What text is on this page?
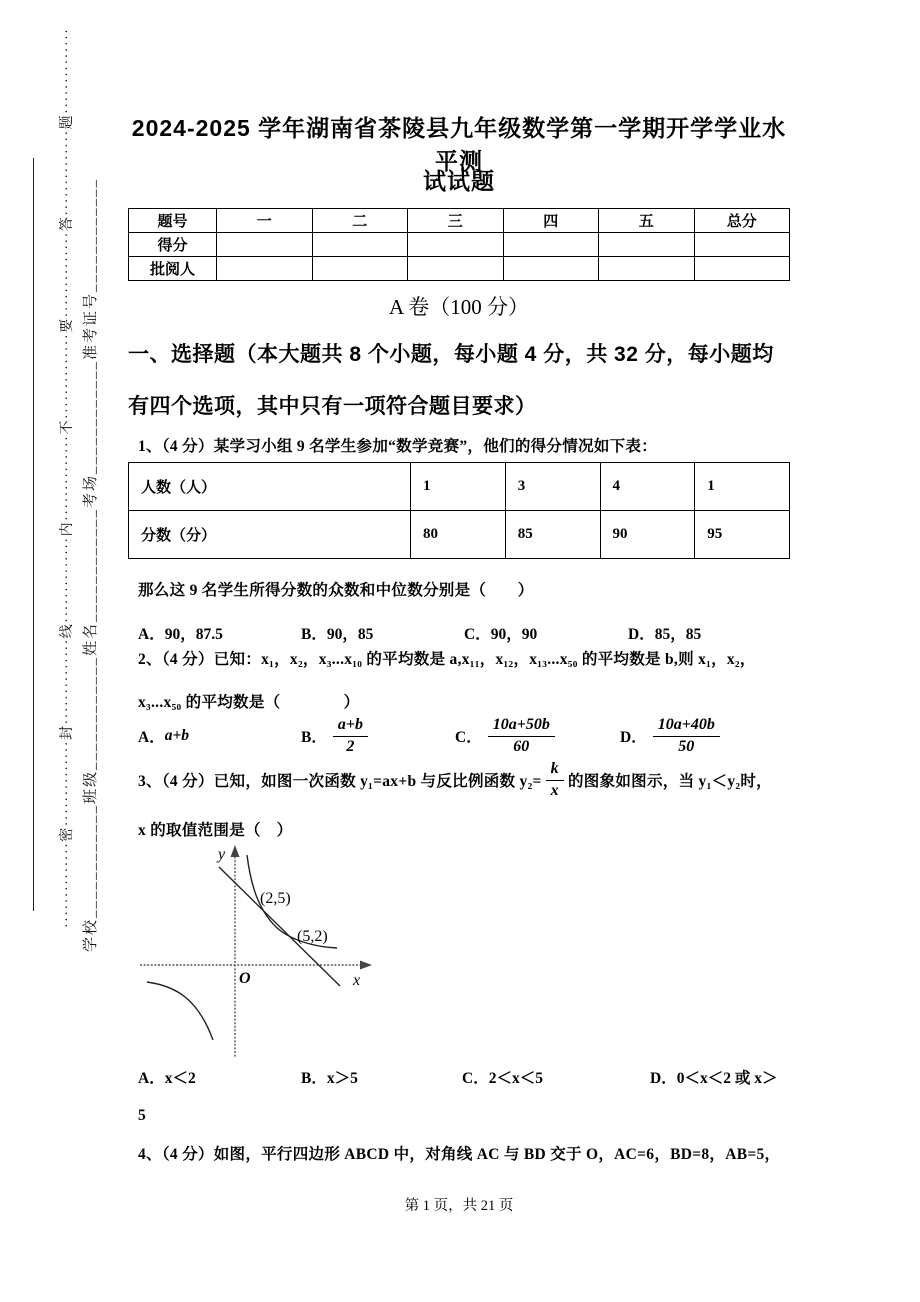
··············密··············封··············线··············内··············不··············要··············答··············题·············· 学校____________班级____________姓名____________考场____________准考证号____________
2024-2025 学年湖南省茶陵县九年级数学第一学期开学学业水平测
试试题
题号	一	二	三	四	五	总分
得分						
批阅人						
A 卷（100 分）
一、选择题（本大题共 8 个小题，每小题 4 分，共 32 分，每小题均
有四个选项，其中只有一项符合题目要求）
1、（4 分）某学习小组 9 名学生参加“数学竞赛”，他们的得分情况如下表：
人数（人）	1	3	4	1
分数（分）	80	85	90	95
那么这 9 名学生所得分数的众数和中位数分别是（　　）
A．90，87.5	B．90，85	C．90，90	D．85，85
2、（4 分）已知：x₁，x₂，x₃...x₁₀ 的平均数是 a,x₁₁，x₁₂，x₁₃...x₅₀ 的平均数是 b,则 x₁，x₂，
x₃...x₅₀ 的平均数是（　　　　）
A． a+b	B． $\frac{a+b}{2}$	C． $\frac{10a+50b}{60}$	D． $\frac{10a+40b}{50}$
3、（4 分）已知，如图一次函数 y₁=ax+b 与反比例函数 $y_2= \frac{k}{x}$ 的图象如图示，当 y₁＜y₂时，
x 的取值范围是（　）
y
x
O
(2,5)
(5,2)
A．x＜2	B．x＞5	C．2＜x＜5	D．0＜x＜2 或 x＞
5
4、（4 分）如图，平行四边形 ABCD 中，对角线 AC 与 BD 交于 O，AC=6，BD=8，AB=5，
第 1 页，共 21 页
